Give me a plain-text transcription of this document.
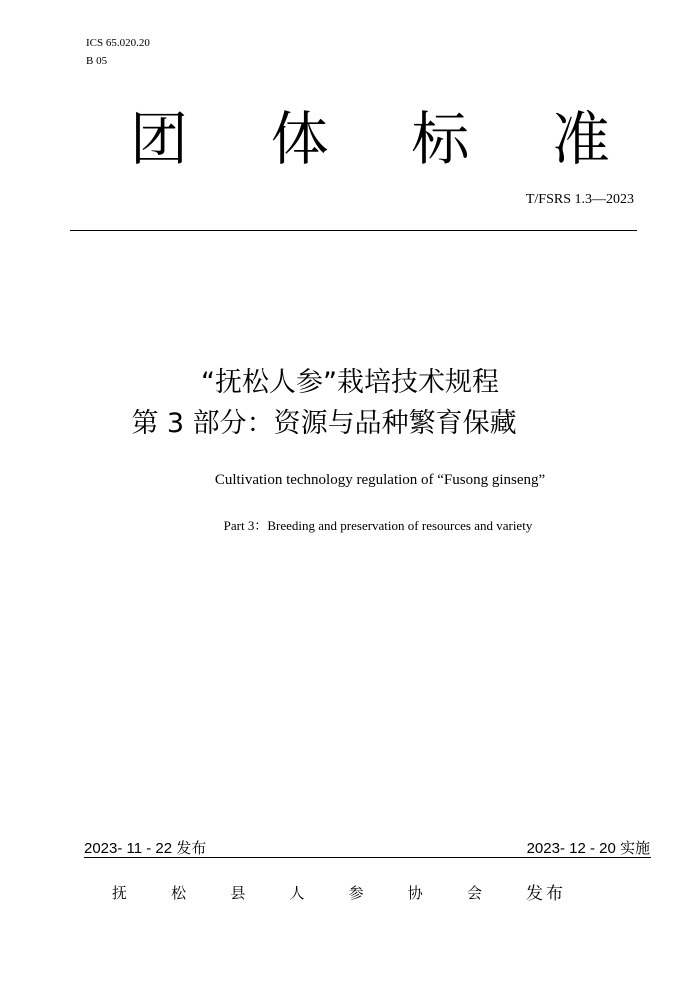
ICS 65.020.20
B 05
团 体 标 准
T/FSRS 1.3—2023
“抚松人参”栽培技术规程
第 3 部分：资源与品种繁育保藏
Cultivation technology regulation of “Fusong ginseng”
Part 3：Breeding and preservation of resources and variety
2023- 11 - 22 发布	2023- 12 - 20 实施
抚	松	县	人	参	协	会	发布
